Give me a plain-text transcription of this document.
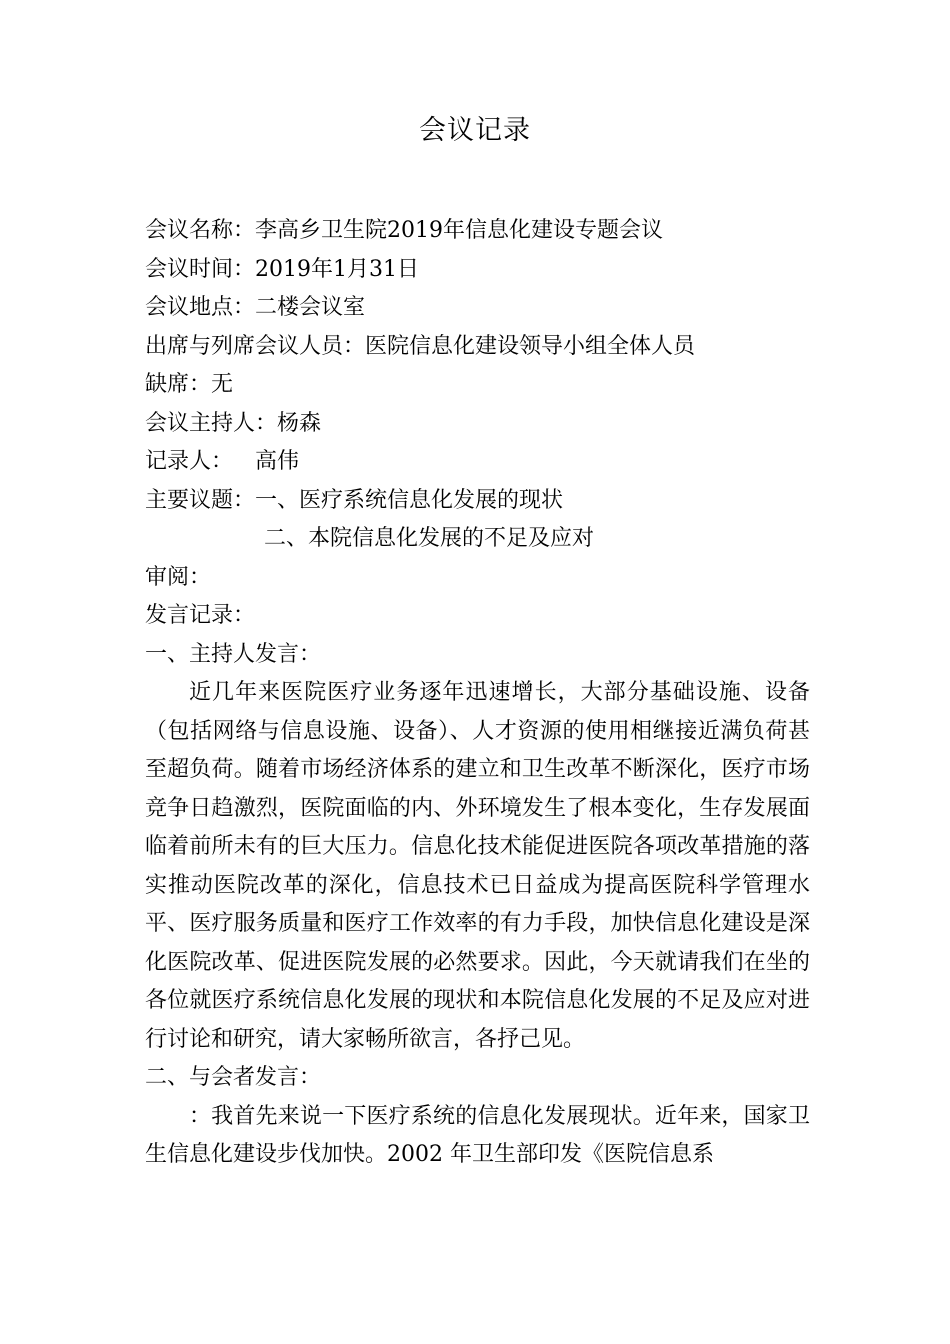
会议记录
会议名称：李高乡卫生院2019年信息化建设专题会议
会议时间：2019年1月31日
会议地点：二楼会议室
出席与列席会议人员：医院信息化建设领导小组全体人员
缺席：无
会议主持人：杨森
记录人： 高伟
主要议题：一、医疗系统信息化发展的现状
二、本院信息化发展的不足及应对
审阅：
发言记录：
一、主持人发言：

近几年来医院医疗业务逐年迅速增长，大部分基础设施、设备（包括网络与信息设施、设备）、人才资源的使用相继接近满负荷甚至超负荷。随着市场经济体系的建立和卫生改革不断深化，医疗市场竞争日趋激烈，医院面临的内、外环境发生了根本变化，生存发展面临着前所未有的巨大压力。信息化技术能促进医院各项改革措施的落实推动医院改革的深化，信息技术已日益成为提高医院科学管理水平、医疗服务质量和医疗工作效率的有力手段，加快信息化建设是深化医院改革、促进医院发展的必然要求。因此，今天就请我们在坐的各位就医疗系统信息化发展的现状和本院信息化发展的不足及应对进行讨论和研究，请大家畅所欲言，各抒己见。

二、与会者发言：

：我首先来说一下医疗系统的信息化发展现状。近年来，国家卫生信息化建设步伐加快。2002 年卫生部印发《医院信息系
